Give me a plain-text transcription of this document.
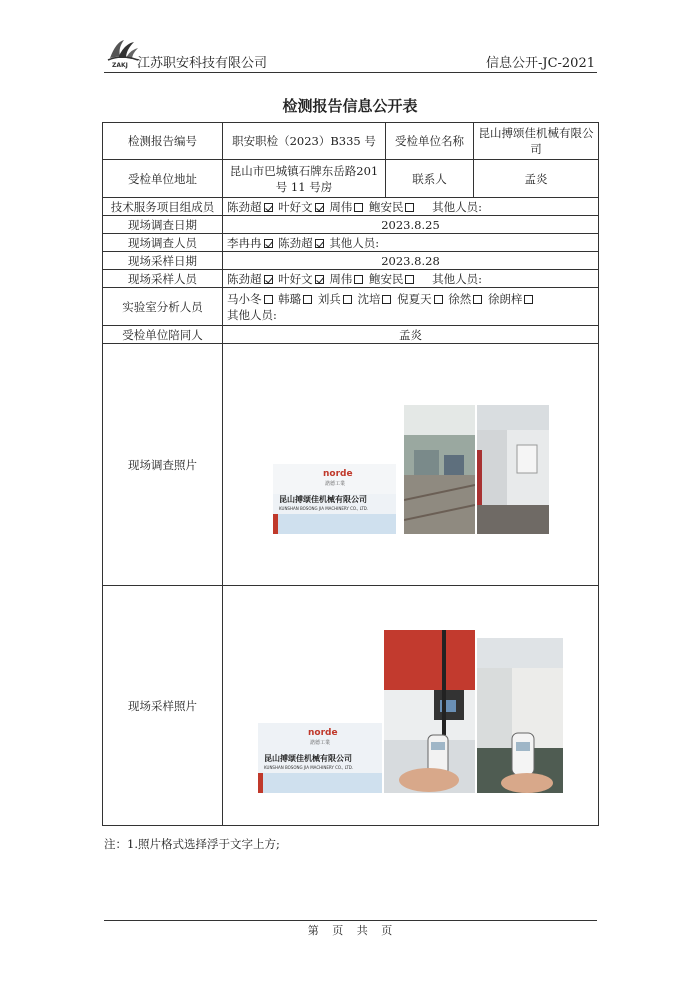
ZAKJ 江苏职安科技有限公司	信息公开-JC-2021
检测报告信息公开表
检测报告编号	职安职检（2023）B335 号	受检单位名称	昆山搏颂佳机械有限公司
受检单位地址	昆山市巴城镇石牌东岳路201 号 11 号房	联系人	孟炎
技术服务项目组成员	陈劲超 叶好文 周伟 鲍安民 其他人员:		
现场调查日期	2023.8.25		
现场调查人员	李冉冉 陈劲超 其他人员:		
现场采样日期	2023.8.28		
现场采样人员	陈劲超 叶好文 周伟 鲍安民 其他人员:		
实验室分析人员	马小冬 韩璐 刘兵 沈培 倪夏天 徐然 徐朗梓
其他人员:		

受检单位陪同人	孟炎		
现场调查照片			
现场采样照片			
norde
諾德工業
昆山搏颂佳机械有限公司
KUNSHAN BOSONG JIA MACHINERY CO., LTD.
norde
諾德工業
昆山搏颂佳机械有限公司
KUNSHAN BOSONG JIA MACHINERY CO., LTD.
注：1.照片格式选择浮于文字上方;
第 页 共 页
